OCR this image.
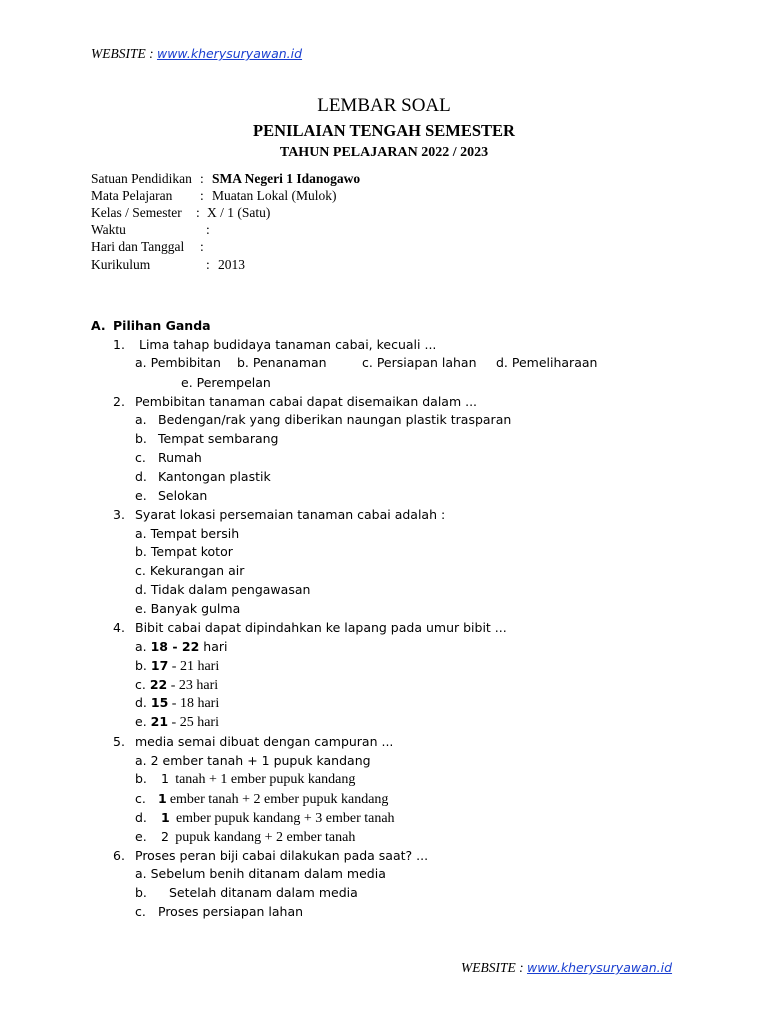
WEBSITE : www.kherysuryawan.id
LEMBAR SOAL
PENILAIAN TENGAH SEMESTER
TAHUN PELAJARAN 2022 / 2023
Satuan Pendidikan : SMA Negeri 1 Idanogawo
Mata Pelajaran : Muatan Lokal (Mulok)
Kelas / Semester : X / 1 (Satu)
Waktu	:
Hari dan Tanggal :
Kurikulum	: 2013
A. Pilihan Ganda
1. Lima tahap budidaya tanaman cabai, kecuali ...
a. Pembibitan b. Penanaman	c. Persiapan lahan d. Pemeliharaan
e. Perempelan
2. Pembibitan tanaman cabai dapat disemaikan dalam ...
a. Bedengan/rak yang diberikan naungan plastik trasparan
b. Tempat sembarang
c. Rumah
d. Kantongan plastik
e. Selokan
3. Syarat lokasi persemaian tanaman cabai adalah :
a. Tempat bersih
b. Tempat kotor
c. Kekurangan air
d. Tidak dalam pengawasan
e. Banyak gulma
4. Bibit cabai dapat dipindahkan ke lapang pada umur bibit ...
a. 18 - 22 hari
b. 17 - 21 hari
c. 22 - 23 hari
d. 15 - 18 hari
e. 21 - 25 hari
5. media semai dibuat dengan campuran ...
a. 2 ember tanah + 1 pupuk kandang
b. 1 tanah + 1 ember pupuk kandang
c. 1 ember tanah + 2 ember pupuk kandang
d. 1 ember pupuk kandang + 3 ember tanah
e. 2 pupuk kandang + 2 ember tanah
6. Proses peran biji cabai dilakukan pada saat? ...
a. Sebelum benih ditanam dalam media
b. Setelah ditanam dalam media
c. Proses persiapan lahan
WEBSITE : www.kherysuryawan.id
